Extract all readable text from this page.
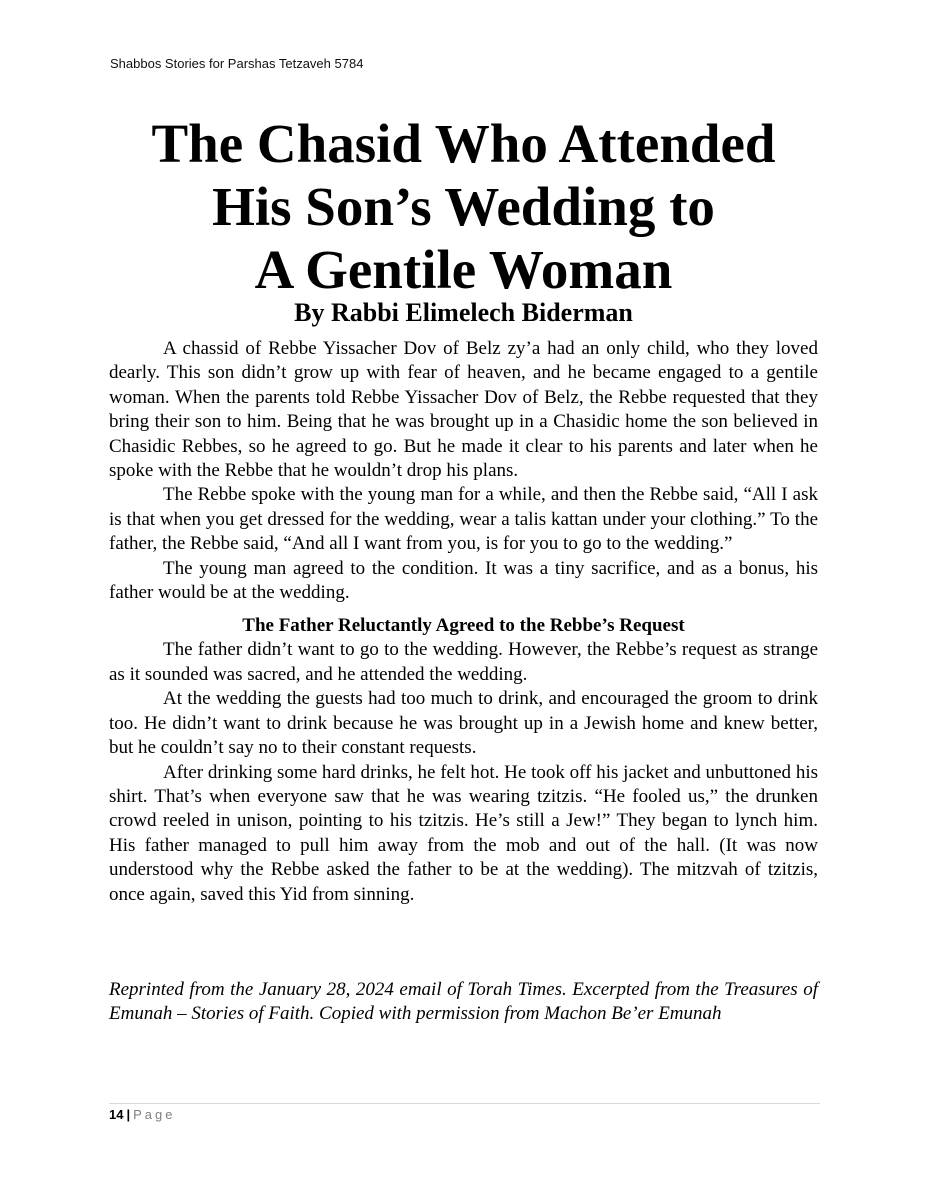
Shabbos Stories for Parshas Tetzaveh 5784
The Chasid Who Attended
His Son’s Wedding to
A Gentile Woman
By Rabbi Elimelech Biderman

A chassid of Rebbe Yissacher Dov of Belz zy’a had an only child, who they loved dearly. This son didn’t grow up with fear of heaven, and he became engaged to a gentile woman. When the parents told Rebbe Yissacher Dov of Belz, the Rebbe requested that they bring their son to him. Being that he was brought up in a Chasidic home the son believed in Chasidic Rebbes, so he agreed to go. But he made it clear to his parents and later when he spoke with the Rebbe that he wouldn’t drop his plans.

The Rebbe spoke with the young man for a while, and then the Rebbe said, “All I ask is that when you get dressed for the wedding, wear a talis kattan under your clothing.” To the father, the Rebbe said, “And all I want from you, is for you to go to the wedding.”

The young man agreed to the condition. It was a tiny sacrifice, and as a bonus, his father would be at the wedding.

The Father Reluctantly Agreed to the Rebbe’s Request

The father didn’t want to go to the wedding. However, the Rebbe’s request as strange as it sounded was sacred, and he attended the wedding.

At the wedding the guests had too much to drink, and encouraged the groom to drink too. He didn’t want to drink because he was brought up in a Jewish home and knew better, but he couldn’t say no to their constant requests.

After drinking some hard drinks, he felt hot. He took off his jacket and unbuttoned his shirt. That’s when everyone saw that he was wearing tzitzis. “He fooled us,” the drunken crowd reeled in unison, pointing to his tzitzis. He’s still a Jew!” They began to lynch him. His father managed to pull him away from the mob and out of the hall. (It was now understood why the Rebbe asked the father to be at the wedding). The mitzvah of tzitzis, once again, saved this Yid from sinning.

Reprinted from the January 28, 2024 email of Torah Times. Excerpted from the Treasures of Emunah – Stories of Faith. Copied with permission from Machon Be’er Emunah

14 | Page
